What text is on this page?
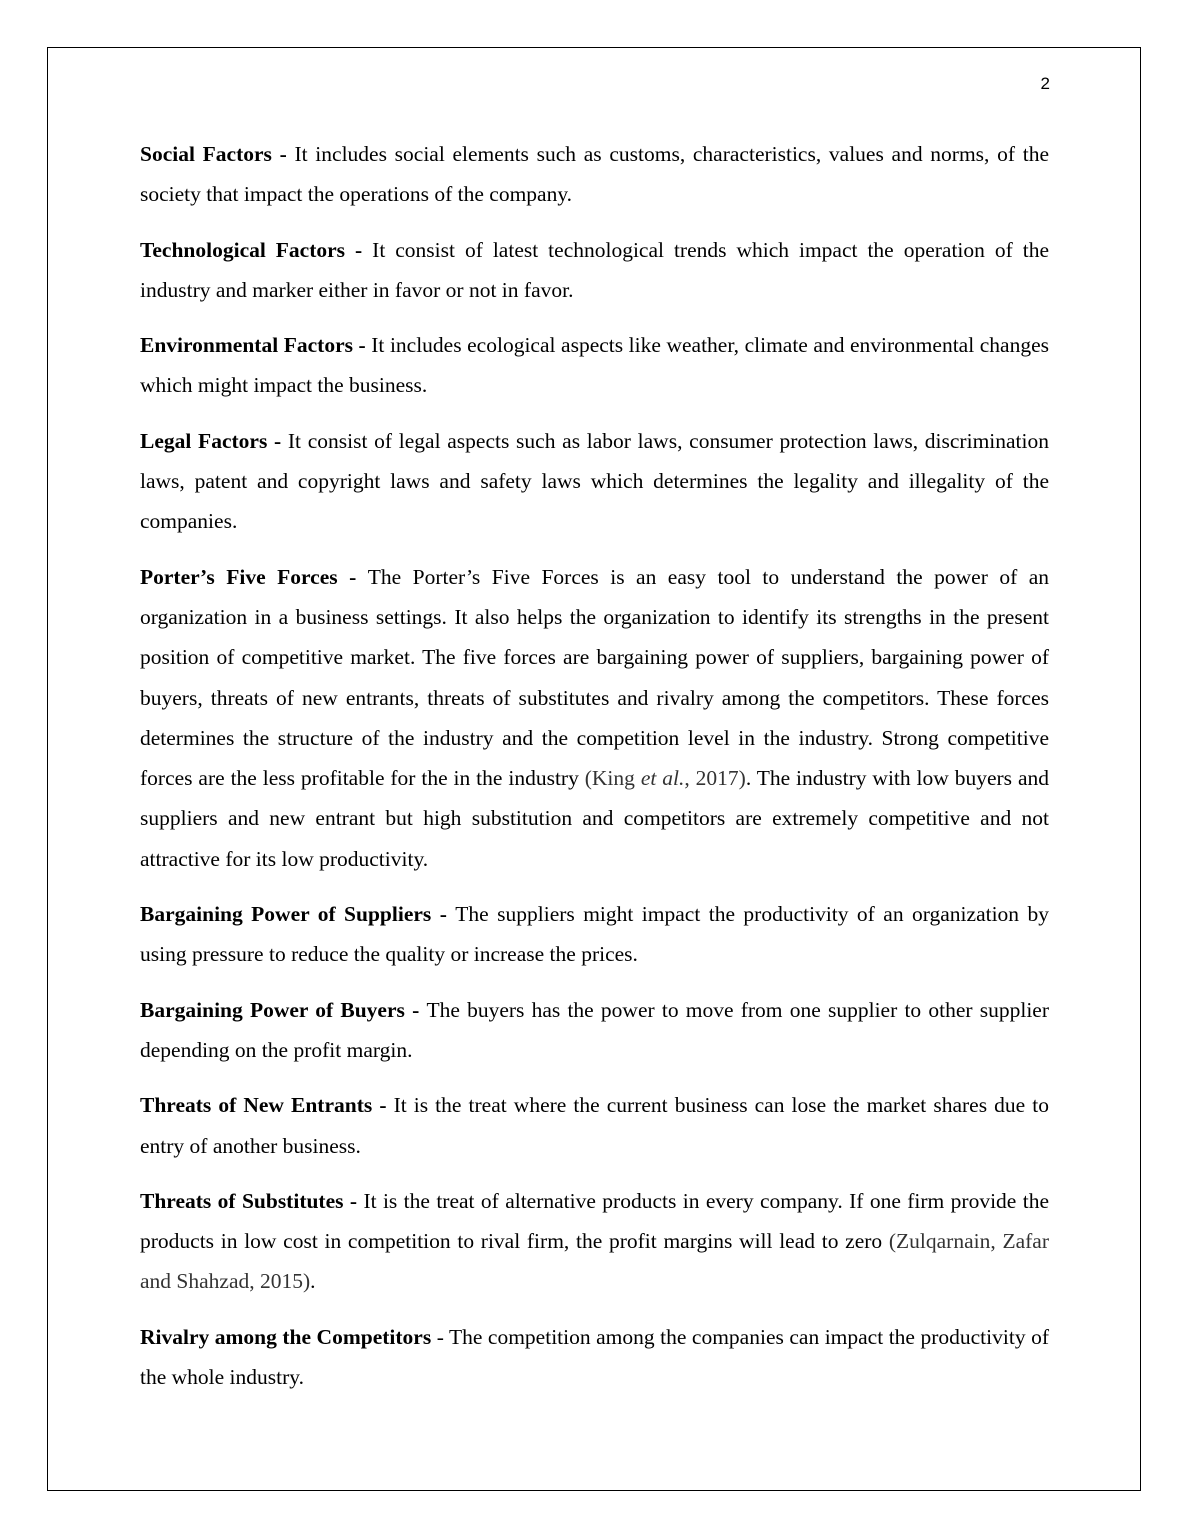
2

Social Factors - It includes social elements such as customs, characteristics, values and norms, of the society that impact the operations of the company.

Technological Factors - It consist of latest technological trends which impact the operation of the industry and marker either in favor or not in favor.

Environmental Factors - It includes ecological aspects like weather, climate and environmental changes which might impact the business.

Legal Factors - It consist of legal aspects such as labor laws, consumer protection laws, discrimination laws, patent and copyright laws and safety laws which determines the legality and illegality of the companies.

Porter’s Five Forces - The Porter’s Five Forces is an easy tool to understand the power of an organization in a business settings. It also helps the organization to identify its strengths in the present position of competitive market. The five forces are bargaining power of suppliers, bargaining power of buyers, threats of new entrants, threats of substitutes and rivalry among the competitors. These forces determines the structure of the industry and the competition level in the industry. Strong competitive forces are the less profitable for the in the industry (King et al., 2017). The industry with low buyers and suppliers and new entrant but high substitution and competitors are extremely competitive and not attractive for its low productivity.

Bargaining Power of Suppliers - The suppliers might impact the productivity of an organization by using pressure to reduce the quality or increase the prices.

Bargaining Power of Buyers - The buyers has the power to move from one supplier to other supplier depending on the profit margin.

Threats of New Entrants - It is the treat where the current business can lose the market shares due to entry of another business.

Threats of Substitutes - It is the treat of alternative products in every company. If one firm provide the products in low cost in competition to rival firm, the profit margins will lead to zero (Zulqarnain, Zafar and Shahzad, 2015).

Rivalry among the Competitors - The competition among the companies can impact the productivity of the whole industry.
